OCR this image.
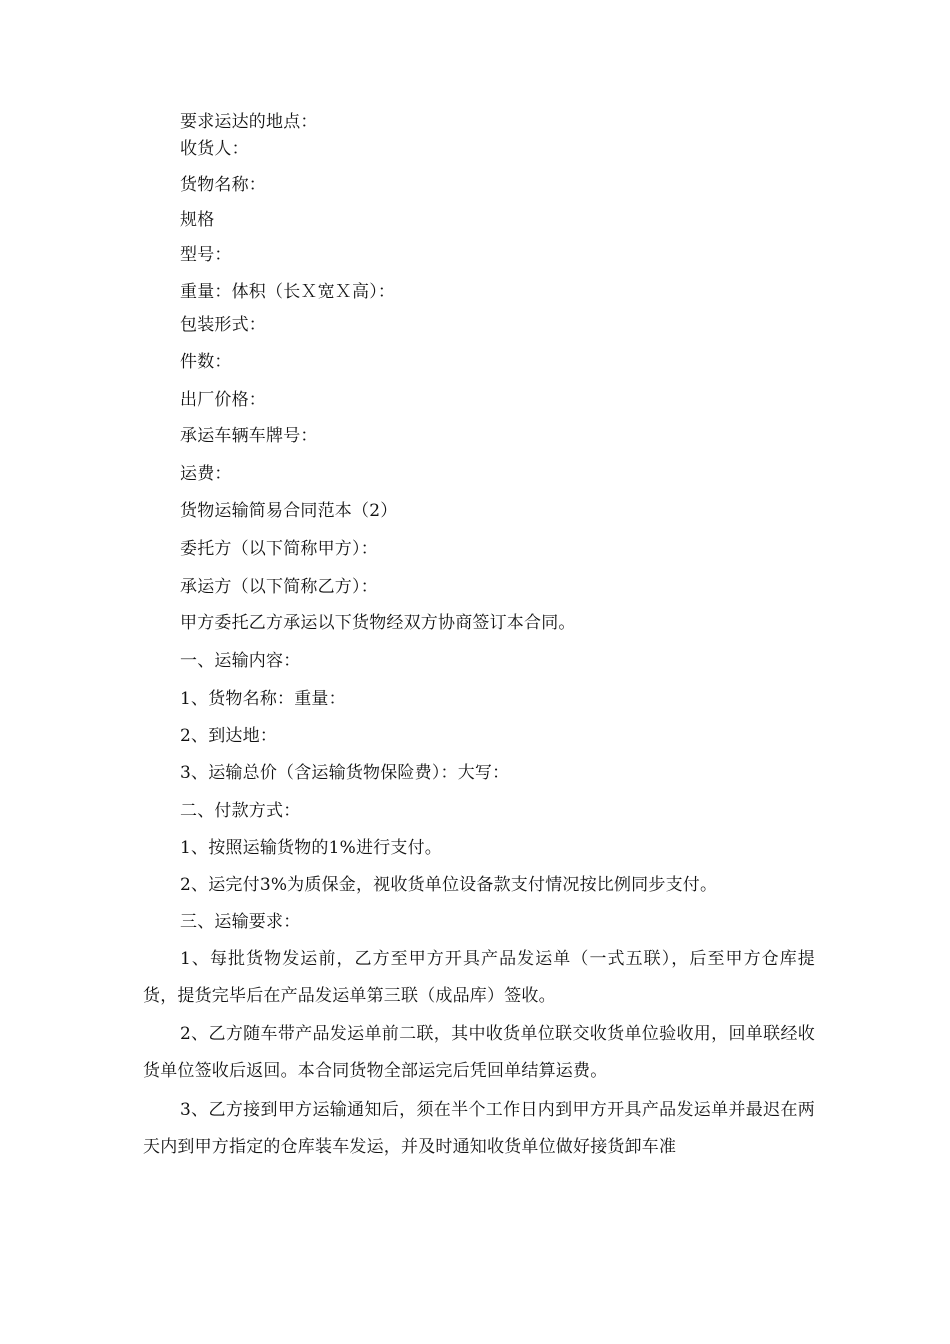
要求运达的地点：
收货人：
货物名称：
规格
型号：
重量：体积（长Ｘ宽Ｘ高）：
包装形式：
件数：
出厂价格：
承运车辆车牌号：
运费：
货物运输简易合同范本（2）
委托方（以下简称甲方）：
承运方（以下简称乙方）：
甲方委托乙方承运以下货物经双方协商签订本合同。
一、运输内容：
1、货物名称：重量：
2、到达地：
3、运输总价（含运输货物保险费）：大写：
二、付款方式：
1、按照运输货物的1%进行支付。
2、运完付3%为质保金，视收货单位设备款支付情况按比例同步支付。
三、运输要求：
1、每批货物发运前，乙方至甲方开具产品发运单（一式五联），后至甲方仓库提货，提货完毕后在产品发运单第三联（成品库）签收。
2、乙方随车带产品发运单前二联，其中收货单位联交收货单位验收用，回单联经收货单位签收后返回。本合同货物全部运完后凭回单结算运费。
3、乙方接到甲方运输通知后，须在半个工作日内到甲方开具产品发运单并最迟在两天内到甲方指定的仓库装车发运，并及时通知收货单位做好接货卸车准
